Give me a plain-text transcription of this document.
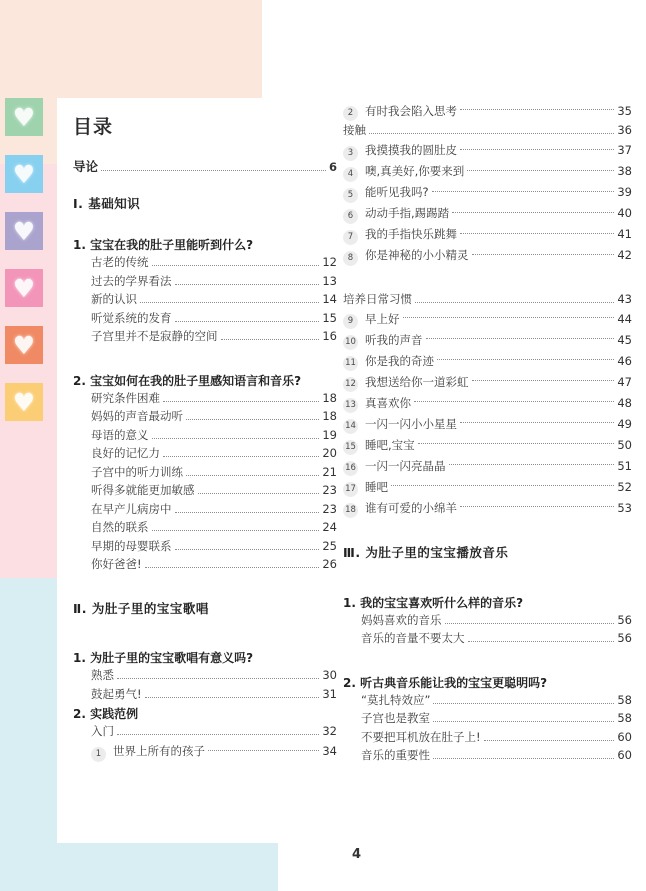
♥
♥
♥
♥
♥
♥
目录
导论	6
Ⅰ. 基础知识
1. 宝宝在我的肚子里能听到什么?
古老的传统	12
过去的学界看法	13
新的认识	14
听觉系统的发育	15
子宫里并不是寂静的空间	16
2. 宝宝如何在我的肚子里感知语言和音乐?
研究条件困难	18
妈妈的声音最动听	18
母语的意义	19
良好的记忆力	20
子宫中的听力训练	21
听得多就能更加敏感	23
在早产儿病房中	23
自然的联系	24
早期的母婴联系	25
你好爸爸!	26
Ⅱ. 为肚子里的宝宝歌唱
1. 为肚子里的宝宝歌唱有意义吗?
熟悉	30
鼓起勇气!	31
2. 实践范例
入门	32
1	世界上所有的孩子	34
2	有时我会陷入思考	35
接触	36
3	我摸摸我的圆肚皮	37
4	噢,真美好,你要来到	38
5	能听见我吗?	39
6	动动手指,踢踢踏	40
7	我的手指快乐跳舞	41
8	你是神秘的小小精灵	42
培养日常习惯	43
9	早上好	44
10 听我的声音	45
11 你是我的奇迹	46
12 我想送给你一道彩虹	47
13 真喜欢你	48
14 一闪一闪小小星星	49
15 睡吧,宝宝	50
16 一闪一闪亮晶晶	51
17 睡吧	52
18 谁有可爱的小绵羊	53
Ⅲ. 为肚子里的宝宝播放音乐
1. 我的宝宝喜欢听什么样的音乐?
妈妈喜欢的音乐	56
音乐的音量不要太大	56
2. 听古典音乐能让我的宝宝更聪明吗?
“莫扎特效应”	58
子宫也是教室	58
不要把耳机放在肚子上!	60
音乐的重要性	60
4
